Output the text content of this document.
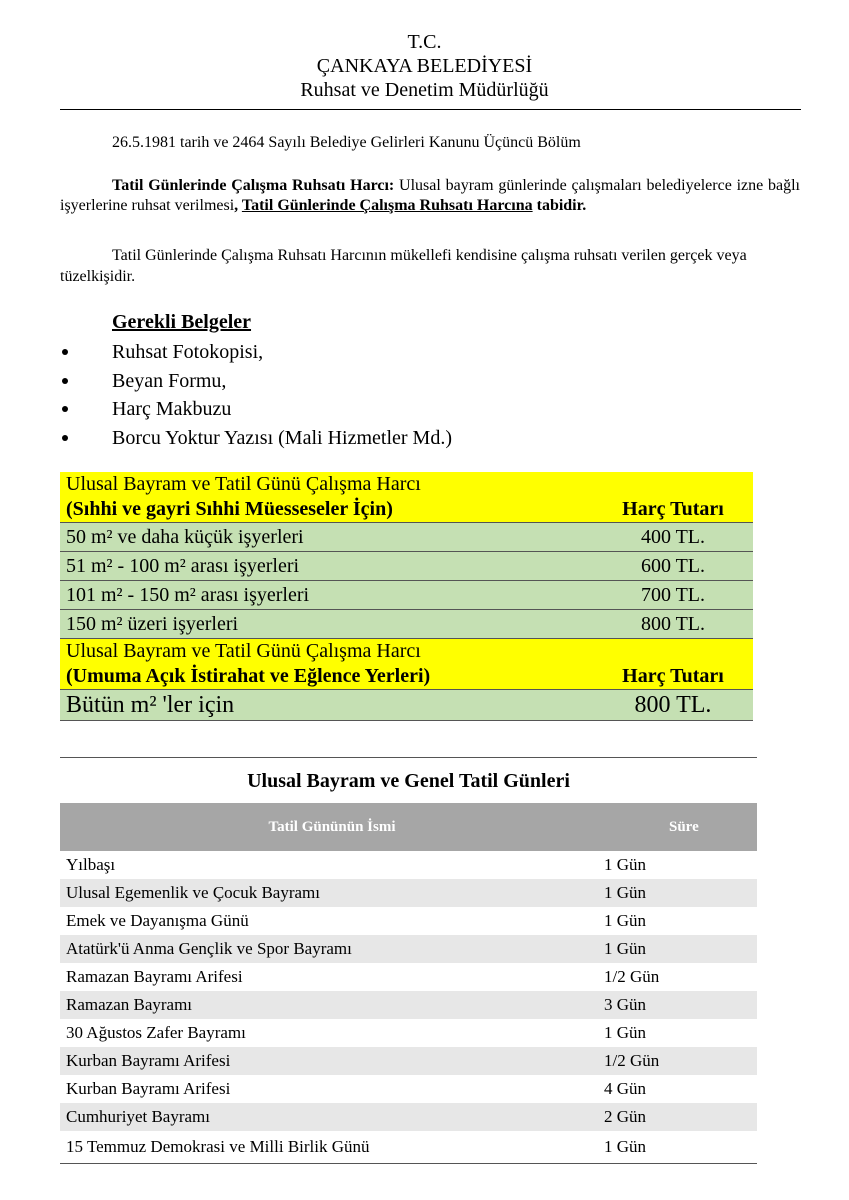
T.C.
ÇANKAYA BELEDİYESİ
Ruhsat ve Denetim Müdürlüğü
26.5.1981 tarih ve 2464 Sayılı Belediye Gelirleri Kanunu Üçüncü Bölüm
Tatil Günlerinde Çalışma Ruhsatı Harcı: Ulusal bayram günlerinde çalışmaları belediyelerce izne bağlı işyerlerine ruhsat verilmesi, Tatil Günlerinde Çalışma Ruhsatı Harcına tabidir.
Tatil Günlerinde Çalışma Ruhsatı Harcının mükellefi kendisine çalışma ruhsatı verilen gerçek veya tüzelkişidir.
Gerekli Belgeler
Ruhsat Fotokopisi,
Beyan Formu,
Harç Makbuzu
Borcu Yoktur Yazısı (Mali Hizmetler Md.)
Ulusal Bayram ve Tatil Günü Çalışma Harcı
(Sıhhi ve gayri Sıhhi Müesseseler İçin)	Harç Tutarı
50 m² ve daha küçük işyerleri	400 TL.
51 m² - 100 m² arası işyerleri	600 TL.
101 m² - 150 m² arası işyerleri	700 TL.
150 m² üzeri işyerleri	800 TL.

Ulusal Bayram ve Tatil Günü Çalışma Harcı
(Umuma Açık İstirahat ve Eğlence Yerleri)	Harç Tutarı
Bütün m² 'ler için	800 TL.
Ulusal Bayram ve Genel Tatil Günleri
Tatil Gününün İsmi	Süre
Yılbaşı	1 Gün
Ulusal Egemenlik ve Çocuk Bayramı	1 Gün
Emek ve Dayanışma Günü	1 Gün
Atatürk'ü Anma Gençlik ve Spor Bayramı	1 Gün
Ramazan Bayramı Arifesi	1/2 Gün
Ramazan Bayramı	3 Gün
30 Ağustos Zafer Bayramı	1 Gün
Kurban Bayramı Arifesi	1/2 Gün
Kurban Bayramı Arifesi	4 Gün
Cumhuriyet Bayramı	2 Gün
15 Temmuz Demokrasi ve Milli Birlik Günü	1 Gün
